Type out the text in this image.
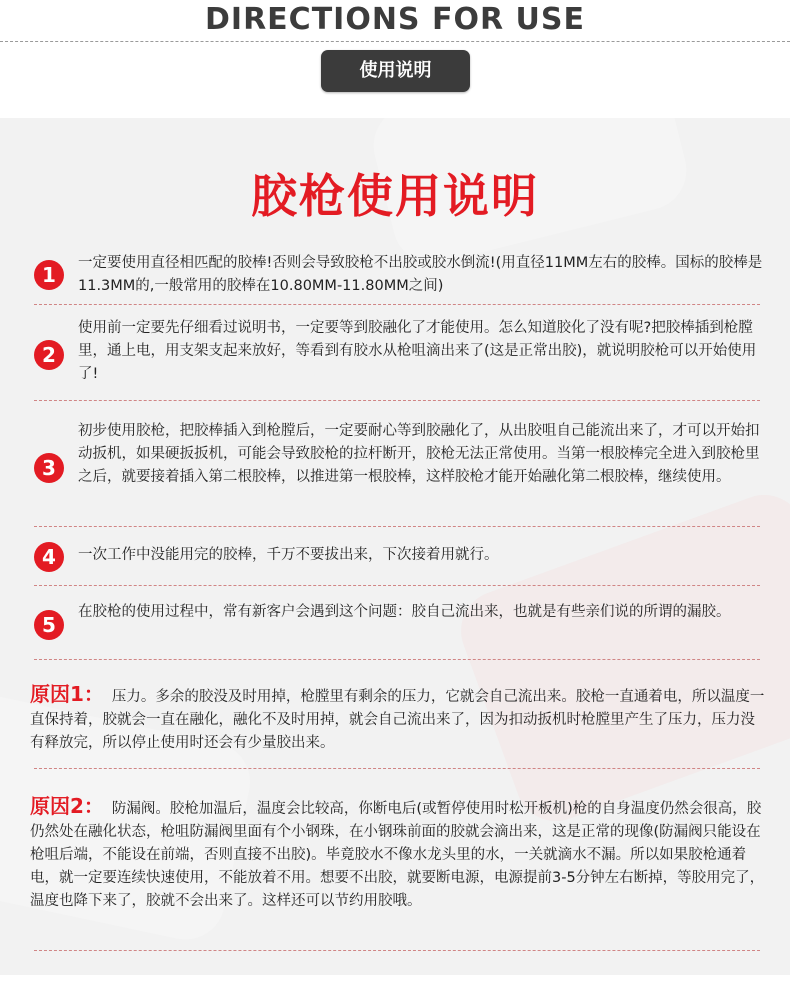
DIRECTIONS FOR USE
使用说明
胶枪使用说明
1	一定要使用直径相匹配的胶棒!否则会导致胶枪不出胶或胶水倒流!(用直径11MM左右的胶棒。国标的胶棒是11.3MM的,一般常用的胶棒在10.80MM-11.80MM之间)
2
使用前一定要先仔细看过说明书，一定要等到胶融化了才能使用。怎么知道胶化了没有呢?把胶棒插到枪膛里，通上电，用支架支起来放好，等看到有胶水从枪咀滴出来了(这是正常出胶)，就说明胶枪可以开始使用了!
3
初步使用胶枪，把胶棒插入到枪膛后，一定要耐心等到胶融化了，从出胶咀自己能流出来了，才可以开始扣动扳机，如果硬扳扳机，可能会导致胶枪的拉杆断开，胶枪无法正常使用。当第一根胶棒完全进入到胶枪里之后，就要接着插入第二根胶棒，以推进第一根胶棒，这样胶枪才能开始融化第二根胶棒，继续使用。
4	一次工作中没能用完的胶棒，千万不要拔出来，下次接着用就行。
5
在胶枪的使用过程中，常有新客户会遇到这个问题：胶自己流出来，也就是有些亲们说的所谓的漏胶。
原因1： 压力。多余的胶没及时用掉，枪膛里有剩余的压力，它就会自己流出来。胶枪一直通着电，所以温度一直保持着，胶就会一直在融化，融化不及时用掉，就会自己流出来了，因为扣动扳机时枪膛里产生了压力，压力没有释放完，所以停止使用时还会有少量胶出来。
原因2： 防漏阀。胶枪加温后，温度会比较高，你断电后(或暂停使用时松开板机)枪的自身温度仍然会很高，胶仍然处在融化状态，枪咀防漏阀里面有个小钢珠，在小钢珠前面的胶就会滴出来，这是正常的现像(防漏阀只能设在枪咀后端，不能设在前端，否则直接不出胶)。毕竟胶水不像水龙头里的水，一关就滴水不漏。所以如果胶枪通着电，就一定要连续快速使用，不能放着不用。想要不出胶，就要断电源，电源提前3-5分钟左右断掉，等胶用完了，温度也降下来了，胶就不会出来了。这样还可以节约用胶哦。
